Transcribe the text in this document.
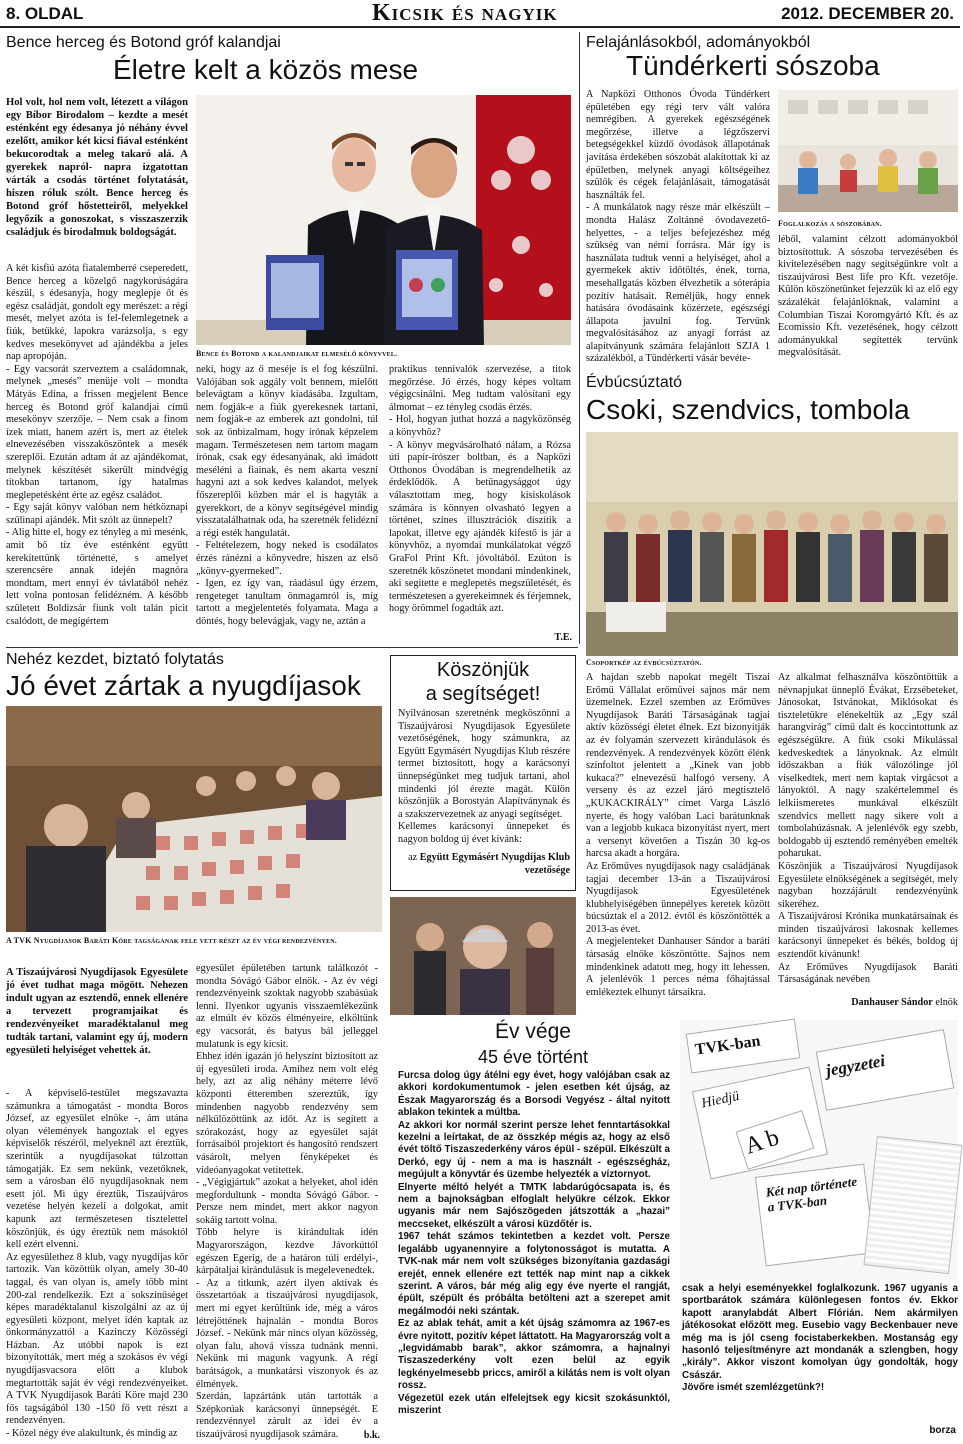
8. OLDAL	Kicsik és nagyik	2012. DECEMBER 20.
Bence herceg és Botond gróf kalandjai
Életre kelt a közös mese
Hol volt, hol nem volt, létezett a világon egy Bíbor Birodalom – kezdte a mesét esténként egy édesanya jó néhány évvel ezelőtt, amikor két kicsi fiával esténként bekucorodtak a meleg takaró alá. A gyerekek napról- napra izgatottan várták a csodás történet folytatását, hiszen róluk szólt. Bence herceg és Botond gróf hőstetteiről, melyekkel legyőzik a gonoszokat, s visszaszerzik családjuk és birodalmuk boldogságát.

A két kisfiú azóta fiatalemberré cseperedett, Bence herceg a közelgő nagykorúságára készül, s édesanyja, hogy meglepje őt és egész családját, gondolt egy merészet: a régi mesét, melyet azóta is fel-felemlegetnek a fiúk, betűkké, lapokra varázsolja, s egy kedves mesekönyvet ad ajándékba a jeles nap apropóján.
- Egy vacsorát szerveztem a családomnak, melynek „mesés” menüje volt – mondta Mátyás Edina, a frissen megjelent Bence herceg és Botond gróf kalandjai című mesekönyv szerzője. – Nem csak a finom ízek miatt, hanem azért is, mert az ételek elnevezésében visszaköszöntek a mesék szereplői. Ezután adtam át az ajándékomat, melynek készítését sikerült mindvégig titokban tartanom, így hatalmas meglepetésként érte az egész családot.
- Egy saját könyv valóban nem hétköznapi szülinapi ajándék. Mit szólt az ünnepelt?
- Alig hitte el, hogy ez tényleg a mi mesénk, amit bő tíz éve esténként együtt kerekítettünk történetté, s amelyet szerencsére annak idején magnóra mondtam, mert ennyi év távlatából nehéz lett volna pontosan felidézném. A később született Boldizsár fiunk volt talán picit csalódott, de megígértem

Bence és Botond a kalandjaikat elmesélő könyvvel.

neki, hogy az ő meséje is el fog készülni. Valójában sok aggály volt bennem, mielőtt belevágtam a könyv kiadásába. Izgultam, nem fogják-e a fiúk gyerekesnek tartani, nem fogják-e az emberek azt gondolni, túl sok az önbizalmam, hogy írónak képzelem magam. Természetesen nem tartom magam írónak, csak egy édesanyának, aki imádott meséléni a fiainak, és nem akarta veszni hagyni azt a sok kedves kalandot, melyek főszereplői közben már el is hagyták a gyerekkort, de a könyv segítségével mindig visszatalálhatnak oda, ha szeretnék felidézni a régi esték hangulatát.
- Feltételezem, hogy neked is csodálatos érzés ránézni a könyvedre, hiszen az első „könyv-gyermeked”.
- Igen, ez így van, ráadásul úgy érzem, rengeteget tanultam önmagamról is, míg tartott a megjelentetés folyamata. Maga a döntés, hogy belevágjak, vagy ne, aztán a

praktikus tennivalók szervezése, a titok megőrzése. Jó érzés, hogy képes voltam végigcsinálni. Meg tudtam valósítani egy álmomat – ez tényleg csodás érzés.
- Hol, hogyan juthat hozzá a nagyközönség a könyvhöz?
- A könyv megvásárolható nálam, a Rózsa úti papír-írószer boltban, és a Napközi Otthonos Óvodában is megrendelhetik az érdeklődők. A betűnagysággot úgy választottam meg, hogy kisiskolások számára is könnyen olvasható legyen a történet, színes illusztrációk díszítik a lapokat, illetve egy ajándék kifestő is jár a könyvhöz, a nyomdai munkálatokat végző GraFol Print Kft. jóvoltából. Ezúton is szeretnék köszönetet mondani mindenkinek, aki segítette e meglepetés megszületését, és természetesen a gyerekeimnek és férjemnek, hogy örömmel fogadták azt.

T.E.
Felajánlásokból, adományokból
Tündérkerti sószoba

A Napközi Otthonos Óvoda Tündérkert épületében egy régi terv vált valóra nemrégiben. A gyerekek egészségének megőrzése, illetve a légzőszervi betegségekkel küzdő óvodások állapotának javítása érdekében sószobát alakítottak ki az épületben, melynek anyagi költségeihez szülők és cégek felajánlásait, támogatását használták fel.
- A munkálatok nagy része már elkészült – mondta Halász Zoltánné óvodavezető-helyettes, - a teljes befejezéshez még szükség van némi forrásra. Már így is használata tudtuk venni a helyiséget, ahol a gyermekek aktív időtöltés, ének, torna, mesehallgatás közben élvezhetik a sóterápia pozitív hatásait. Reméljük, hogy ennek hatására óvodásaink közérzete, egészségi állapota javulni fog. Tervünk megvalósításához az anyagi forrást az alapítványunk számára felajánlott SZJA 1 százalékból, a Tündérkerti vásár bevéte-

Foglalkozás a sószobában.

léből, valamint célzott adományokból biztosítottuk. A sószoba tervezésében és kivitelezésében nagy segítségünkre volt a tiszaújvárosi Best life pro Kft. vezetője. Külön köszönetünket fejezzük ki az elő egy százalékát felajánlóknak, valamint a Columbian Tiszai Koromgyártó Kft. és az Ecomissio Kft. vezetésének, hogy célzott adományukkal segítették tervünk megvalósítását.

Évbúcsúztató
Csoki, szendvics, tombola
Csoportkép az évbúcsúztatón.

A hajdan szebb napokat megélt Tiszai Erőmű Vállalat erőművei sajnos már nem üzemelnek. Ezzel szemben az Erőműves Nyugdíjasok Baráti Társaságának tagjai aktív közösségi életet élnek. Ezt bizonyítják az év folyamán szervezett kirándulások és rendezvények. A rendezvények között élénk színfoltot jelentett a „Kinek van jobb kukaca?” elnevezésű halfogó verseny. A verseny és az ezzel járó megtisztelő „KUKACKIRÁLY” címet Varga László nyerte, és hogy valóban Laci barátunknak van a legjobb kukaca bizonyítást nyert, mert a versenyt követően a Tiszán 30 kg-os harcsa akadt a horgára.
Az Erőműves nyugdíjasok nagy családjának tagjai december 13-án a Tiszaújvárosi Nyugdíjasok Egyesületének klubhelyiségében ünnepélyes keretek között búcsúztak el a 2012. évtől és köszöntötték a 2013-as évet.
A megjelenteket Danhauser Sándor a baráti társaság elnöke köszöntötte. Sajnos nem mindenkinek adatott meg, hogy itt lehessen. A jelenlévők 1 perces néma főhajtással emlékeztek elhunyt társaikra.

Az alkalmat felhasználva köszöntöttük a névnapjukat ünneplő Évákat, Erzsébeteket, Jánosokat, Istvánokat, Miklósokat és tiszteletükre elénekeltük az „Egy szál harangvirág” című dalt és koccintottunk az egészségükre. A fiúk csoki Mikulással kedveskedtek a lányoknak. Az elmúlt időszakban a fiúk válozólinge jól viselkedtek, mert nem kaptak virgácsot a lányoktól. A nagy szakértelemmel és lelkiismeretes munkával elkészült szendvics mellett nagy sikere volt a tombolahúzásnak. A jelenlévők egy szebb, boldogabb új esztendő reményében emelték poharukat.
Köszönjük a Tiszaújvárosi Nyugdíjasok Egyesülete elnökségének a segítségét, mely nagyban hozzájárult rendezvényünk sikeréhez.
A Tiszaújvárosi Krónika munkatársainak és minden tiszaújvárosi lakosnak kellemes karácsonyi ünnepeket és békés, boldog új esztendőt kívánunk!
Az Erőműves Nyugdíjasok Baráti Társaságának nevében

Danhauser Sándor elnök
Nehéz kezdet, biztató folytatás
Jó évet zártak a nyugdíjasok
A TVK Nyugdíjasok Baráti Köre tagságának fele vett részt az év végi rendezvényen.
A Tiszaújvárosi Nyugdíjasok Egyesülete jó évet tudhat maga mögött. Nehezen indult ugyan az esztendő, ennek ellenére a tervezett programjaikat és rendezvényeiket maradéktalanul meg tudták tartani, valamint egy új, modern egyesületi helyiséget vehettek át.

- A képviselő-testület megszavazta számunkra a támogatást - mondta Boros József, az egyesület elnöke -, ám utána olyan vélemények hangoztak el egyes képviselők részéről, melyeknél azt éreztük, szerintük a nyugdíjasokat túlzottan támogatják. Ez sem nekünk, vezetőknek, sem a városban élő nyugdíjasoknak nem esett jól. Mi úgy éreztük, Tiszaújváros vezetése helyén kezeli a dolgokat, amit kapunk azt természetesen tisztelettel köszönjük, és úgy éreztük nem másoktól kell ezért elvenni.
Az egyesülethez 8 klub, vagy nyugdíjas kör tartozik. Van közöttük olyan, amely 30-40 taggal, és van olyan is, amely több mint 200-zal rendelkezik. Ezt a sokszínűséget képes maradéktalanul kiszolgálni az az új egyesületi központ, melyet idén kaptak az önkormányzattól a Kazinczy Közösségi Házban. Az utóbbi napok is ezt bizonyították, mert még a szokásos év végi nyugdíjasvacsora előtt a klubok megtartották saját év végi rendezvényeiket. A TVK Nyugdíjasok Baráti Köre majd 230 fős tagságából 130 -150 fő vett részt a rendezvényen.
- Közel négy éve alakultunk, és mindig az

egyesület épületében tartunk találkozót - mondta Sóvágó Gábor elnök. - Az év végi rendezvényeink szoktak nagyobb szabásúak lenni. Ilyenkor ugyanis visszaemlékezünk az elmúlt év közös élményeire, elköltünk egy vacsorát, és batyus bál jelleggel mulatunk is egy kicsit.
Ehhez idén igazán jó helyszínt biztosított az új egyesületi iroda. Amihez nem volt elég hely, azt az alig néhány méterre lévő központi étteremben szereztük, így mindenben nagyobb rendezvény sem nélkülözöttünk az időt. Az is segített a szórakozást, hogy az egyesület saját forrásaiból projektort és hangosító rendszert vásárolt, melyen fényképeket és videóanyagokat vetítettek.
- „Végigjártuk” azokat a helyeket, ahol idén megfordultunk - mondta Sóvágó Gábor. - Persze nem mindet, mert akkor nagyon sokáig tartott volna.
Több helyre is kirándultak idén Magyarországon, kezdve Jávorkúttól egészen Egerig, de a határon túli erdélyi-, kárpátaljai kirándulásuk is megelevenedtek.
- Az a titkunk, azért ilyen aktívak és összetartóak a tiszaújvárosi nyugdíjasok, mert mi egyet kerültünk ide, még a város létrejöttének hajnalán - mondta Boros József. - Nekünk már nincs olyan közösség, olyan falu, ahová vissza tudnánk menni. Nekünk mi magunk vagyunk. A régi barátságok, a munkatársi viszonyok és az élmények.
Szerdán, lapzártánk után tartották a Szépkorúak karácsonyi ünnepségét. E rendezvénnyel zárult az idei év a tiszaújvárosi nyugdíjasok számára.	b.k.
Köszönjük
a segítséget!

Nyilvánosan szeretnénk megköszönni a Tiszaújvárosi Nyugdíjasok Egyesülete vezetőségének, hogy számunkra, az Együtt Egymásért Nyugdíjas Klub részére termet biztosított, hogy a karácsonyi ünnepségünket meg tudjuk tartani, ahol mindenki jól érezte magát. Külön köszönjük a Borostyán Alapítványnak és a szakszervezetnek az anyagi segítséget.
Kellemes karácsonyi ünnepeket és nagyon boldog új évet kívánk:

az Együtt Egymásért Nyugdíjas Klub vezetősége
Év vége
45 éve történt
Furcsa dolog úgy átélni egy évet, hogy valójában csak az akkori kordokumentumok - jelen esetben két újság, az Észak Magyarország és a Borsodi Vegyész - által nyitott ablakon tekintek a múltba.
Az akkori kor normál szerint persze lehet fenntartásokkal kezelni a leírtakat, de az összkép mégis az, hogy az első évét töltő Tiszaszederkény város épül - szépül. Elkészült a Derkó, egy új - nem a ma is használt - egészségház, megújult a könyvtár és üzembe helyezték a víztornyot.
Elnyerte méltó helyét a TMTK labdarúgócsapata is, és nem a bajnokságban elfoglalt helyükre célzok. Ekkor ugyanis már nem Sajószögeden játszották a „hazai” meccseket, elkészült a városi küzdőtér is.
1967 tehát számos tekintetben a kezdet volt. Persze legalább ugyanennyire a folytonosságot is mutatta. A TVK-nak már nem volt szükséges bizonyítania gazdasági erejét, ennek ellenére ezt tették nap mint nap a cikkek szerint. A város, bár még alig egy éve nyerte el rangját, épült, szépült és próbálta betölteni azt a szerepet amit megálmodói neki szántak.
Ez az ablak tehát, amit a két újság számomra az 1967-es évre nyitott, pozitív képet láttatott. Ha Magyarország volt a „legvidámabb barak”, akkor számomra, a hajnalnyi Tiszaszederkény volt ezen belül az egyik legkényelmesebb priccs, amiről a kilátás nem is volt olyan rossz.
Végezetül ezek után elfelejtsek egy kicsit szokásunktól, miszerint
TVK-ban
Hiedjü
jegyzetei
Két nap története a TVK-ban
A b
csak a helyi eseményekkel foglalkozunk. 1967 ugyanis a sportbarátok számára különlegesen fontos év. Ekkor kapott aranylabdát Albert Flórián. Nem akármilyen játékosokat előzött meg. Eusebio vagy Beckenbauer neve még ma is jól cseng focistaberkekben. Mostanság egy hasonló teljesítményre azt mondanák a szlengben, hogy „király”. Akkor viszont komolyan úgy gondolták, hogy Császár.
Jövőre ismét szemlézgetünk?!
borza
